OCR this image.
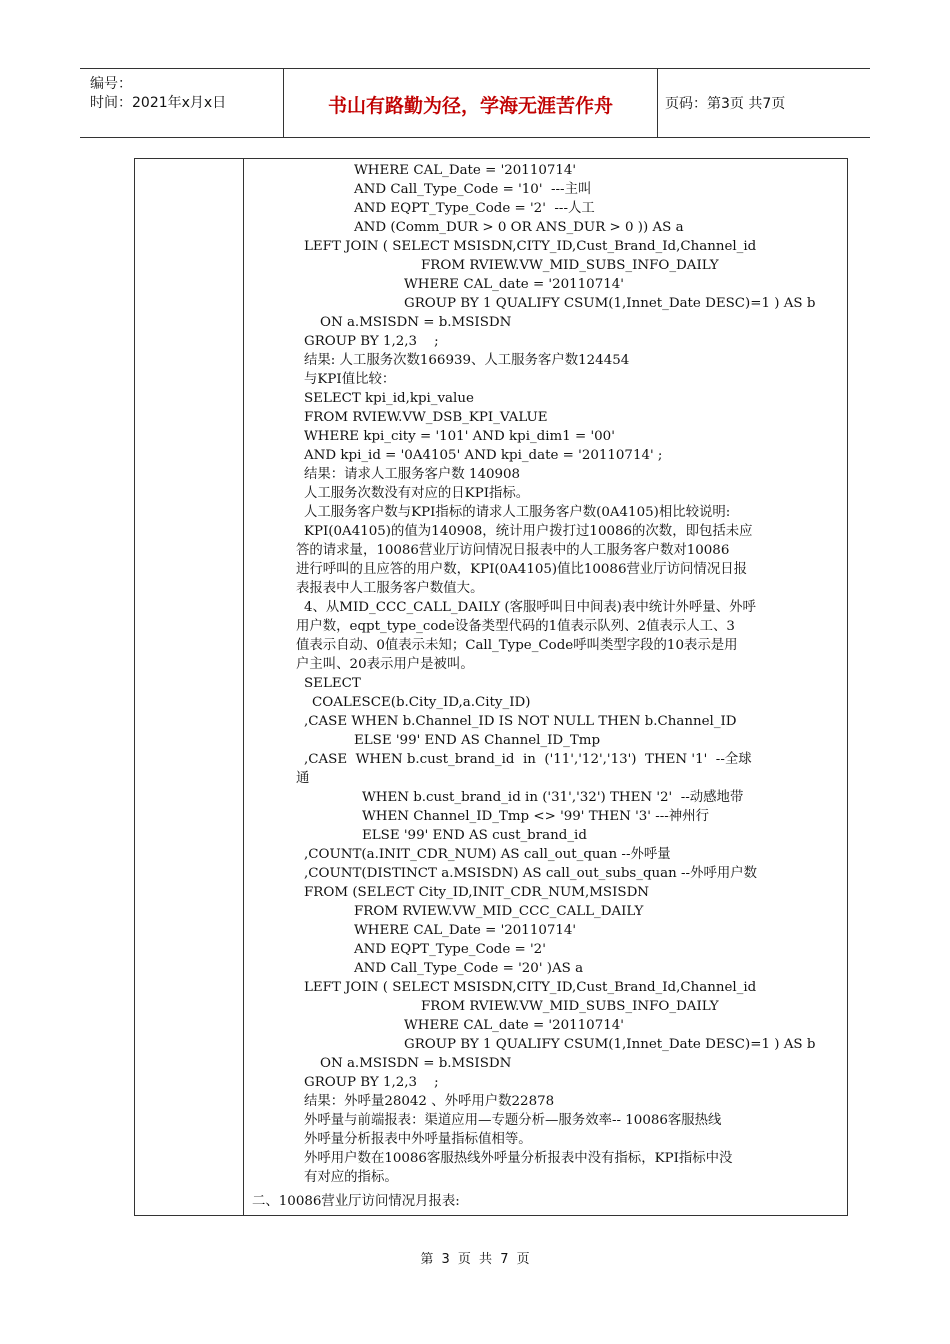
编号：
时间：2021年x月x日	书山有路勤为径，学海无涯苦作舟	页码：第3页 共7页
WHERE CAL_Date = '20110714'
AND Call_Type_Code = '10'  ---主叫
AND EQPT_Type_Code = '2'  ---人工
AND (Comm_DUR > 0 OR ANS_DUR > 0 )) AS a
LEFT JOIN ( SELECT MSISDN,CITY_ID,Cust_Brand_Id,Channel_id
FROM RVIEW.VW_MID_SUBS_INFO_DAILY
WHERE CAL_date = '20110714'
GROUP BY 1 QUALIFY CSUM(1,Innet_Date DESC)=1 ) AS b
ON a.MSISDN = b.MSISDN
GROUP BY 1,2,3    ;
结果: 人工服务次数166939、人工服务客户数124454
与KPI值比较：
SELECT kpi_id,kpi_value
FROM RVIEW.VW_DSB_KPI_VALUE
WHERE kpi_city = '101' AND kpi_dim1 = '00'
AND kpi_id = '0A4105' AND kpi_date = '20110714' ;
结果：请求人工服务客户数 140908
人工服务次数没有对应的日KPI指标。
人工服务客户数与KPI指标的请求人工服务客户数(0A4105)相比较说明:
KPI(0A4105)的值为140908，统计用户拨打过10086的次数，即包括未应
答的请求量，10086营业厅访问情况日报表中的人工服务客户数对10086
进行呼叫的且应答的用户数，KPI(0A4105)值比10086营业厅访问情况日报
表报表中人工服务客户数值大。
4、从MID_CCC_CALL_DAILY (客服呼叫日中间表)表中统计外呼量、外呼
用户数，eqpt_type_code设备类型代码的1值表示队列、2值表示人工、3
值表示自动、0值表示未知；Call_Type_Code呼叫类型字段的10表示是用
户主叫、20表示用户是被叫。
SELECT
COALESCE(b.City_ID,a.City_ID)
,CASE WHEN b.Channel_ID IS NOT NULL THEN b.Channel_ID
ELSE '99' END AS Channel_ID_Tmp
,CASE  WHEN b.cust_brand_id  in  ('11','12','13')  THEN '1'  --全球
通
WHEN b.cust_brand_id in ('31','32') THEN '2'  --动感地带
WHEN Channel_ID_Tmp <> '99' THEN '3' ---神州行
ELSE '99' END AS cust_brand_id
,COUNT(a.INIT_CDR_NUM) AS call_out_quan --外呼量
,COUNT(DISTINCT a.MSISDN) AS call_out_subs_quan --外呼用户数
FROM (SELECT City_ID,INIT_CDR_NUM,MSISDN
FROM RVIEW.VW_MID_CCC_CALL_DAILY
WHERE CAL_Date = '20110714'
AND EQPT_Type_Code = '2'
AND Call_Type_Code = '20' )AS a
LEFT JOIN ( SELECT MSISDN,CITY_ID,Cust_Brand_Id,Channel_id
FROM RVIEW.VW_MID_SUBS_INFO_DAILY
WHERE CAL_date = '20110714'
GROUP BY 1 QUALIFY CSUM(1,Innet_Date DESC)=1 ) AS b
ON a.MSISDN = b.MSISDN
GROUP BY 1,2,3    ;
结果：外呼量28042 、外呼用户数22878
外呼量与前端报表：渠道应用—专题分析—服务效率-- 10086客服热线
外呼量分析报表中外呼量指标值相等。
外呼用户数在10086客服热线外呼量分析报表中没有指标，KPI指标中没
有对应的指标。
二、10086营业厅访问情况月报表:
第 3 页 共 7 页
